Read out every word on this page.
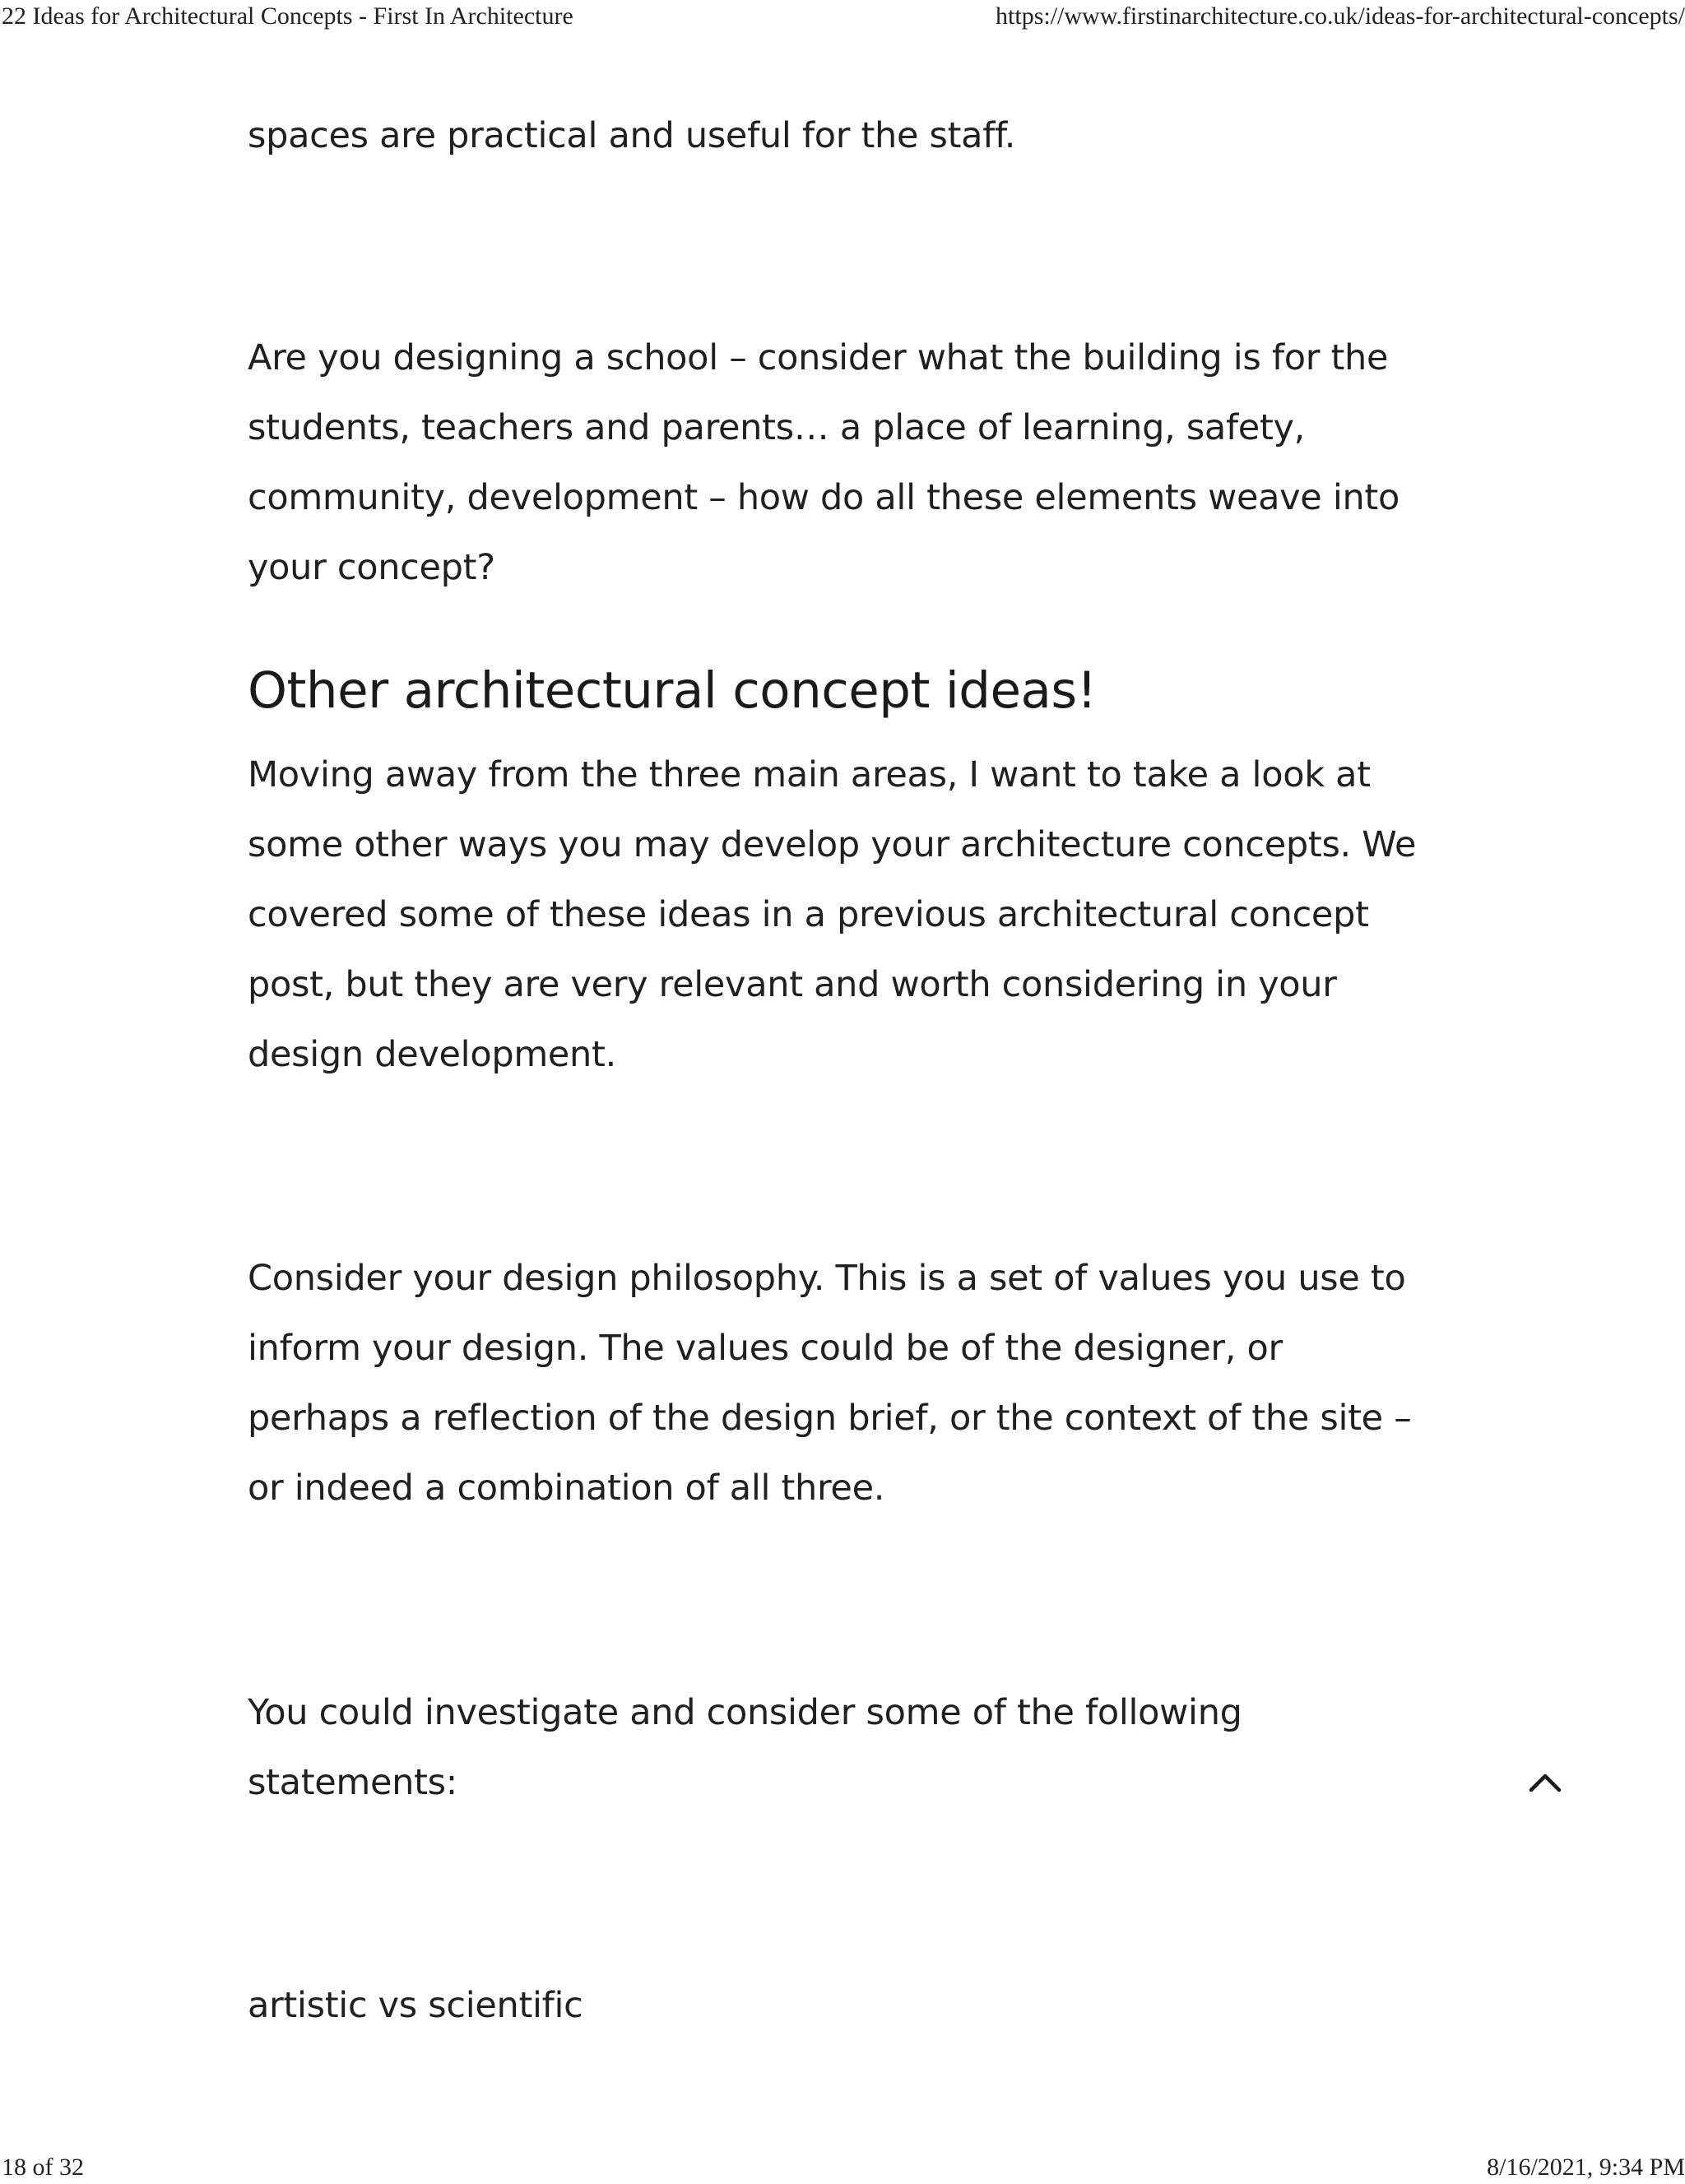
22 Ideas for Architectural Concepts - First In Architecture	https://www.firstinarchitecture.co.uk/ideas-for-architectural-concepts/

spaces are practical and useful for the staff.

Are you designing a school – consider what the building is for the
students, teachers and parents… a place of learning, safety,
community, development – how do all these elements weave into
your concept?

Other architectural concept ideas!

Moving away from the three main areas, I want to take a look at
some other ways you may develop your architecture concepts. We
covered some of these ideas in a previous architectural concept
post, but they are very relevant and worth considering in your
design development.

Consider your design philosophy. This is a set of values you use to
inform your design. The values could be of the designer, or
perhaps a reflection of the design brief, or the context of the site –
or indeed a combination of all three.

You could investigate and consider some of the following
statements:

artistic vs scientific

18 of 32	8/16/2021, 9:34 PM
